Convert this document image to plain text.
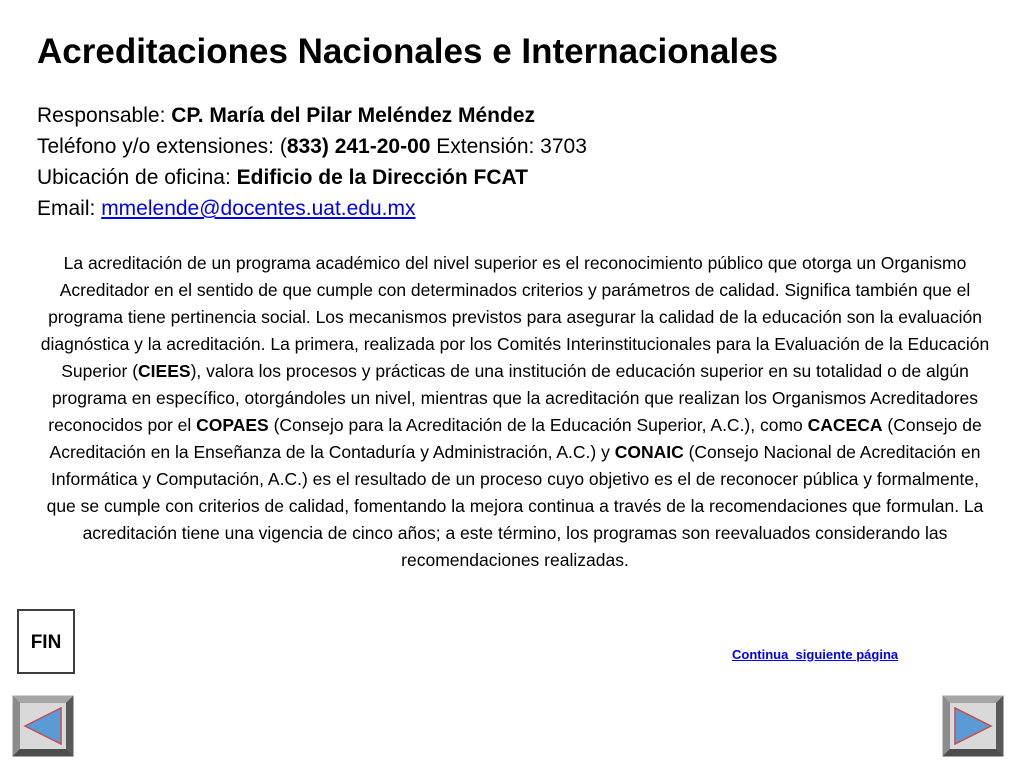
Acreditaciones Nacionales e Internacionales
Responsable: CP. María del Pilar Meléndez Méndez
Teléfono y/o extensiones: (833) 241-20-00 Extensión: 3703
Ubicación de oficina: Edificio de la Dirección FCAT
Email: mmelende@docentes.uat.edu.mx

La acreditación de un programa académico del nivel superior es el reconocimiento público que otorga un Organismo Acreditador en el sentido de que cumple con determinados criterios y parámetros de calidad. Significa también que el programa tiene pertinencia social. Los mecanismos previstos para asegurar la calidad de la educación son la evaluación diagnóstica y la acreditación. La primera, realizada por los Comités Interinstitucionales para la Evaluación de la Educación Superior (CIEES), valora los procesos y prácticas de una institución de educación superior en su totalidad o de algún programa en específico, otorgándoles un nivel, mientras que la acreditación que realizan los Organismos Acreditadores reconocidos por el COPAES (Consejo para la Acreditación de la Educación Superior, A.C.), como CACECA (Consejo de Acreditación en la Enseñanza de la Contaduría y Administración, A.C.) y CONAIC (Consejo Nacional de Acreditación en Informática y Computación, A.C.) es el resultado de un proceso cuyo objetivo es el de reconocer pública y formalmente, que se cumple con criterios de calidad, fomentando la mejora continua a través de la recomendaciones que formulan. La acreditación tiene una vigencia de cinco años; a este término, los programas son reevaluados considerando las recomendaciones realizadas.

FIN
Continua  siguiente página
